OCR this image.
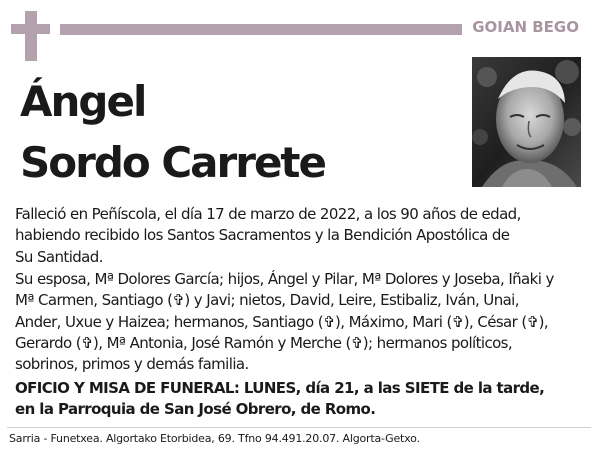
GOIAN BEGO
Ángel
Sordo Carrete
Falleció en Peñíscola, el día 17 de marzo de 2022, a los 90 años de edad,
habiendo recibido los Santos Sacramentos y la Bendición Apostólica de
Su Santidad.
Su esposa, Mª Dolores García; hijos, Ángel y Pilar, Mª Dolores y Joseba, Iñaki y
Mª Carmen, Santiago (✞) y Javi; nietos, David, Leire, Estibaliz, Iván, Unai,
Ander, Uxue y Haizea; hermanos, Santiago (✞), Máximo, Mari (✞), César (✞),
Gerardo (✞), Mª Antonia, José Ramón y Merche (✞); hermanos políticos,
sobrinos, primos y demás familia.
OFICIO Y MISA DE FUNERAL: LUNES, día 21, a las SIETE de la tarde,
en la Parroquia de San José Obrero, de Romo.
Sarria - Funetxea. Algortako Etorbidea, 69. Tfno 94.491.20.07. Algorta-Getxo.
